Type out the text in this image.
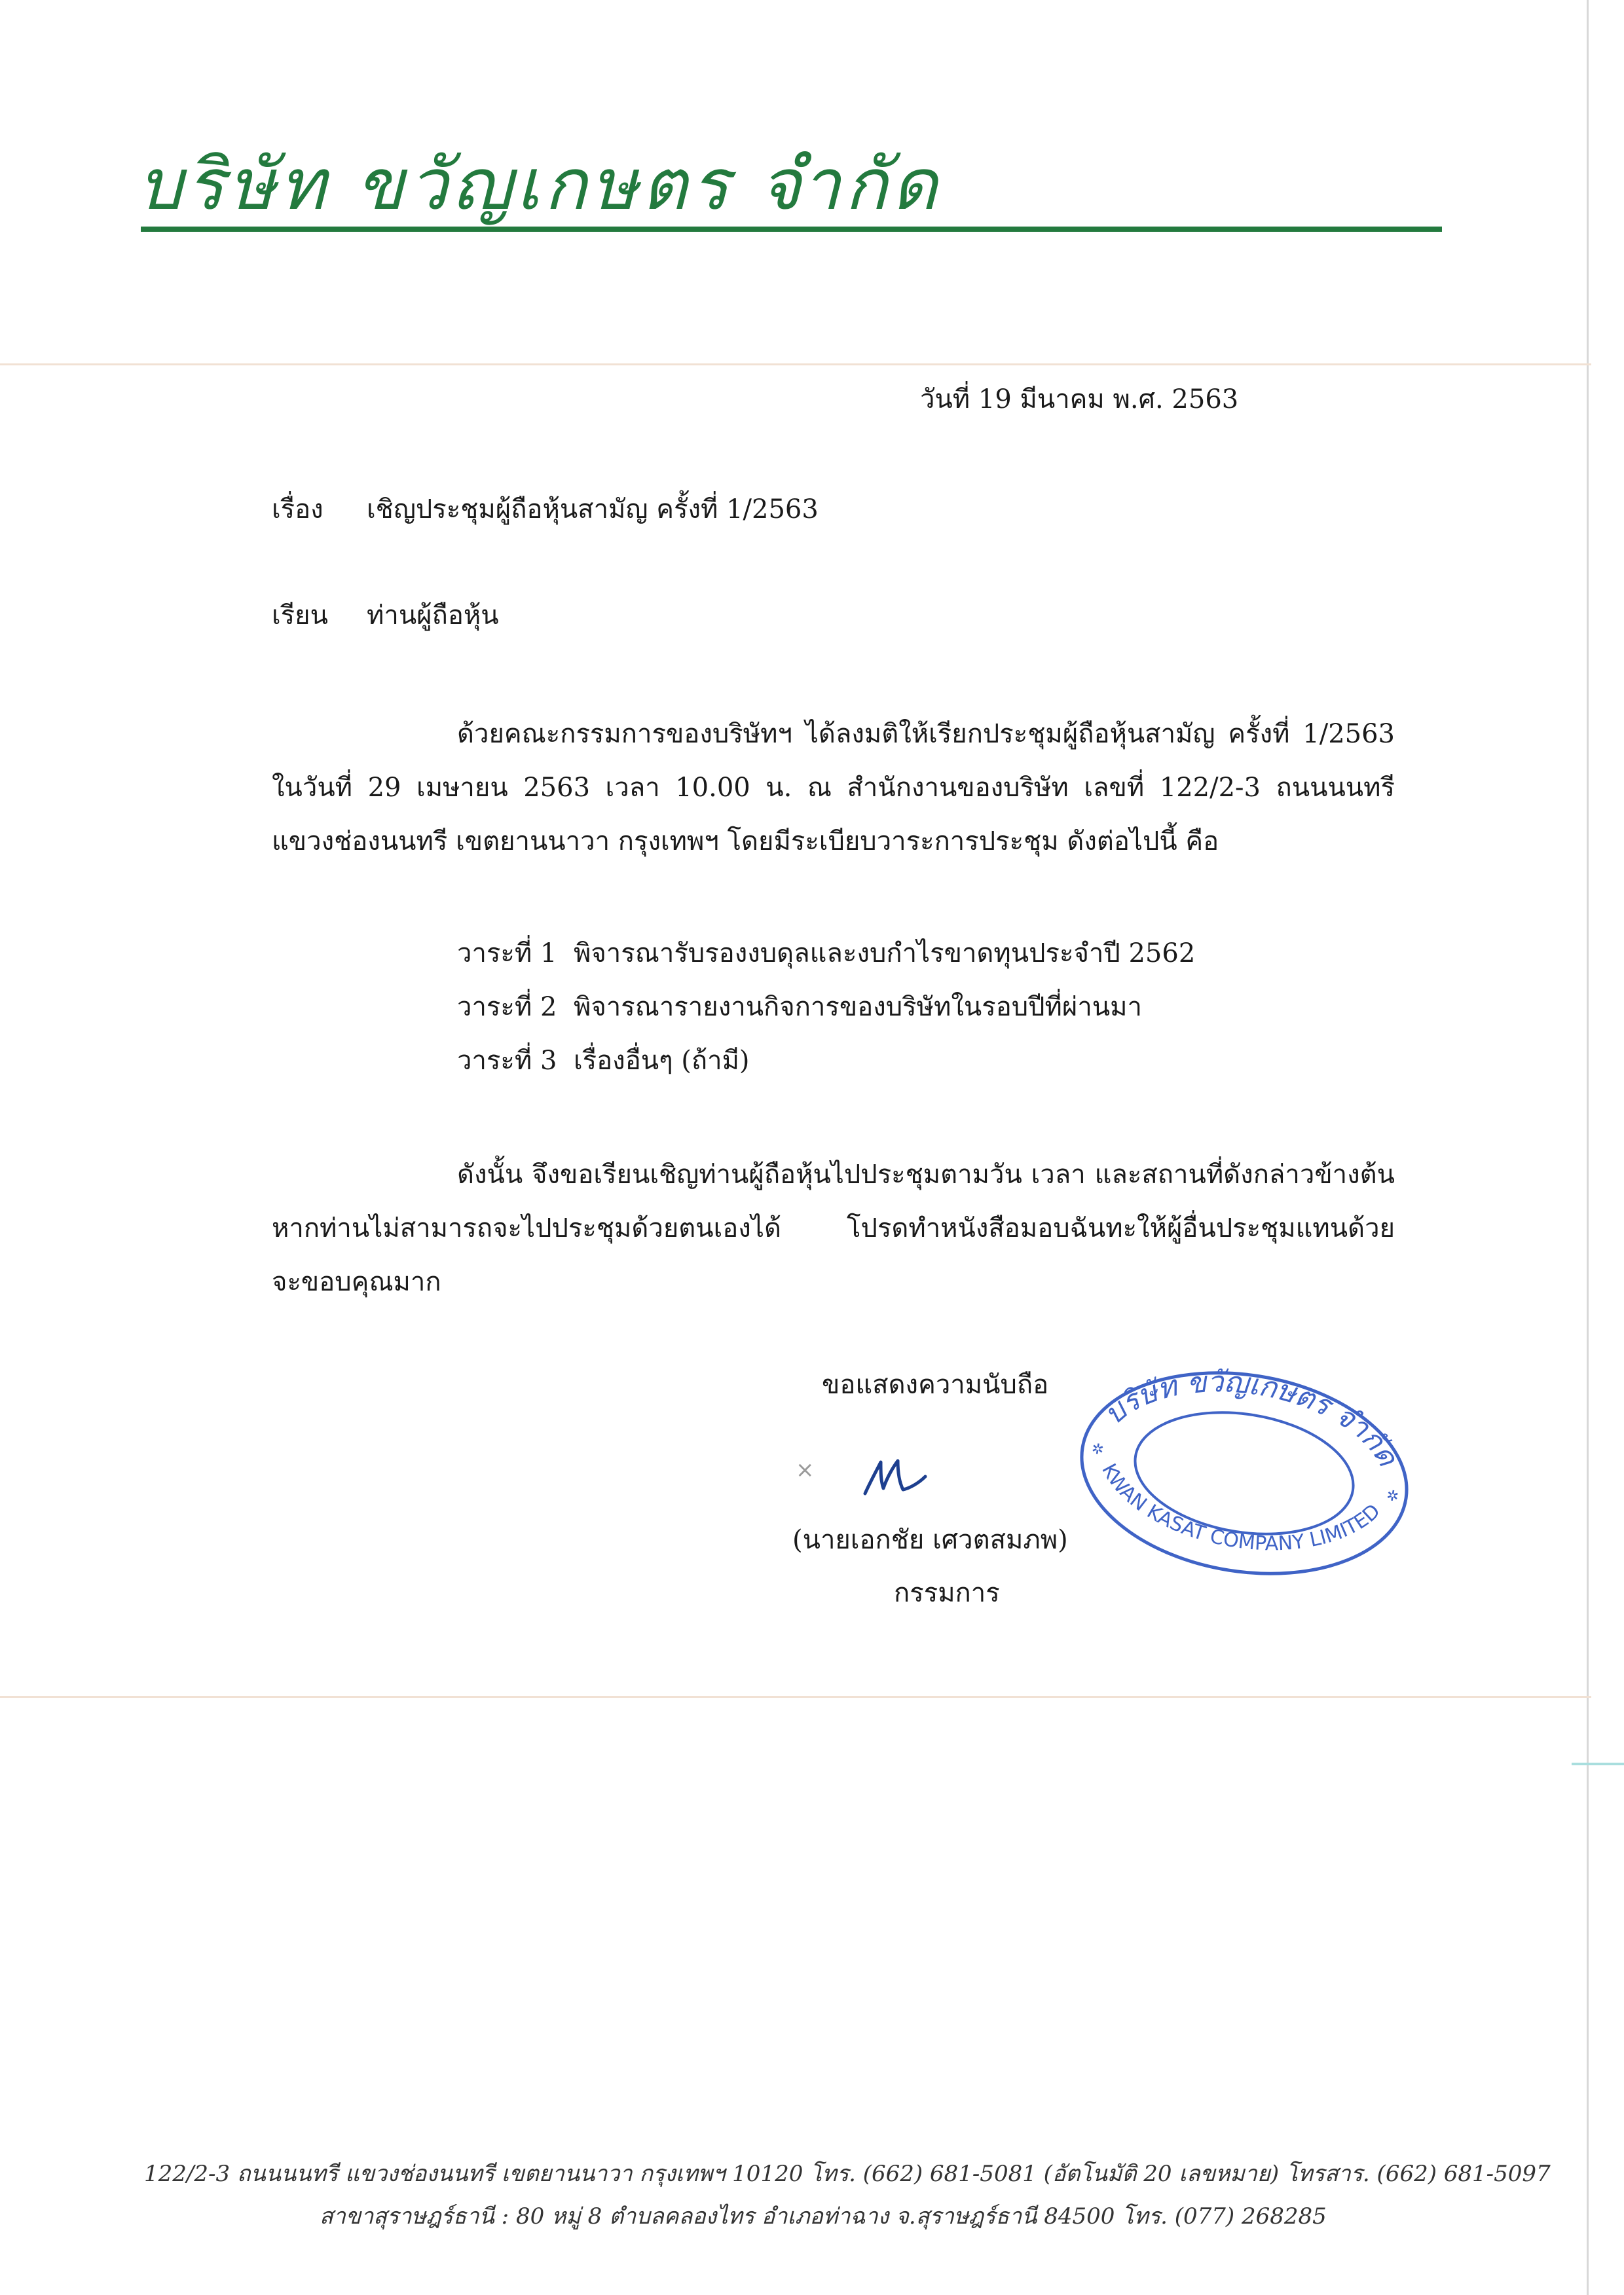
บริษัท ขวัญเกษตร จำกัด
วันที่ 19 มีนาคม พ.ศ. 2563
เรื่อง เชิญประชุมผู้ถือหุ้นสามัญ ครั้งที่ 1/2563
เรียน ท่านผู้ถือหุ้น
ด้วยคณะกรรมการของบริษัทฯ ได้ลงมติให้เรียกประชุมผู้ถือหุ้นสามัญ ครั้งที่ 1/2563
ในวันที่ 29 เมษายน 2563 เวลา 10.00 น. ณ สำนักงานของบริษัท เลขที่ 122/2-3 ถนนนนทรี
แขวงช่องนนทรี เขตยานนาวา กรุงเทพฯ โดยมีระเบียบวาระการประชุม ดังต่อไปนี้ คือ
วาระที่ 1 พิจารณารับรองงบดุลและงบกำไรขาดทุนประจำปี 2562
วาระที่ 2 พิจารณารายงานกิจการของบริษัทในรอบปีที่ผ่านมา
วาระที่ 3 เรื่องอื่นๆ (ถ้ามี)
ดังนั้น จึงขอเรียนเชิญท่านผู้ถือหุ้นไปประชุมตามวัน เวลา และสถานที่ดังกล่าวข้างต้น
หากท่านไม่สามารถจะไปประชุมด้วยตนเองได้ โปรดทำหนังสือมอบฉันทะให้ผู้อื่นประชุมแทนด้วย
จะขอบคุณมาก
ขอแสดงความนับถือ
×
(นายเอกชัย เศวตสมภพ)
กรรมการ
บริษัท ขวัญเกษตร จำกัด
KWAN KASAT COMPANY LIMITED
✲
✲
122/2-3 ถนนนนทรี แขวงช่องนนทรี เขตยานนาวา กรุงเทพฯ 10120 โทร. (662) 681-5081 (อัตโนมัติ 20 เลขหมาย) โทรสาร. (662) 681-5097
สาขาสุราษฎร์ธานี : 80 หมู่ 8 ตำบลคลองไทร อำเภอท่าฉาง จ.สุราษฎร์ธานี 84500 โทร. (077) 268285
